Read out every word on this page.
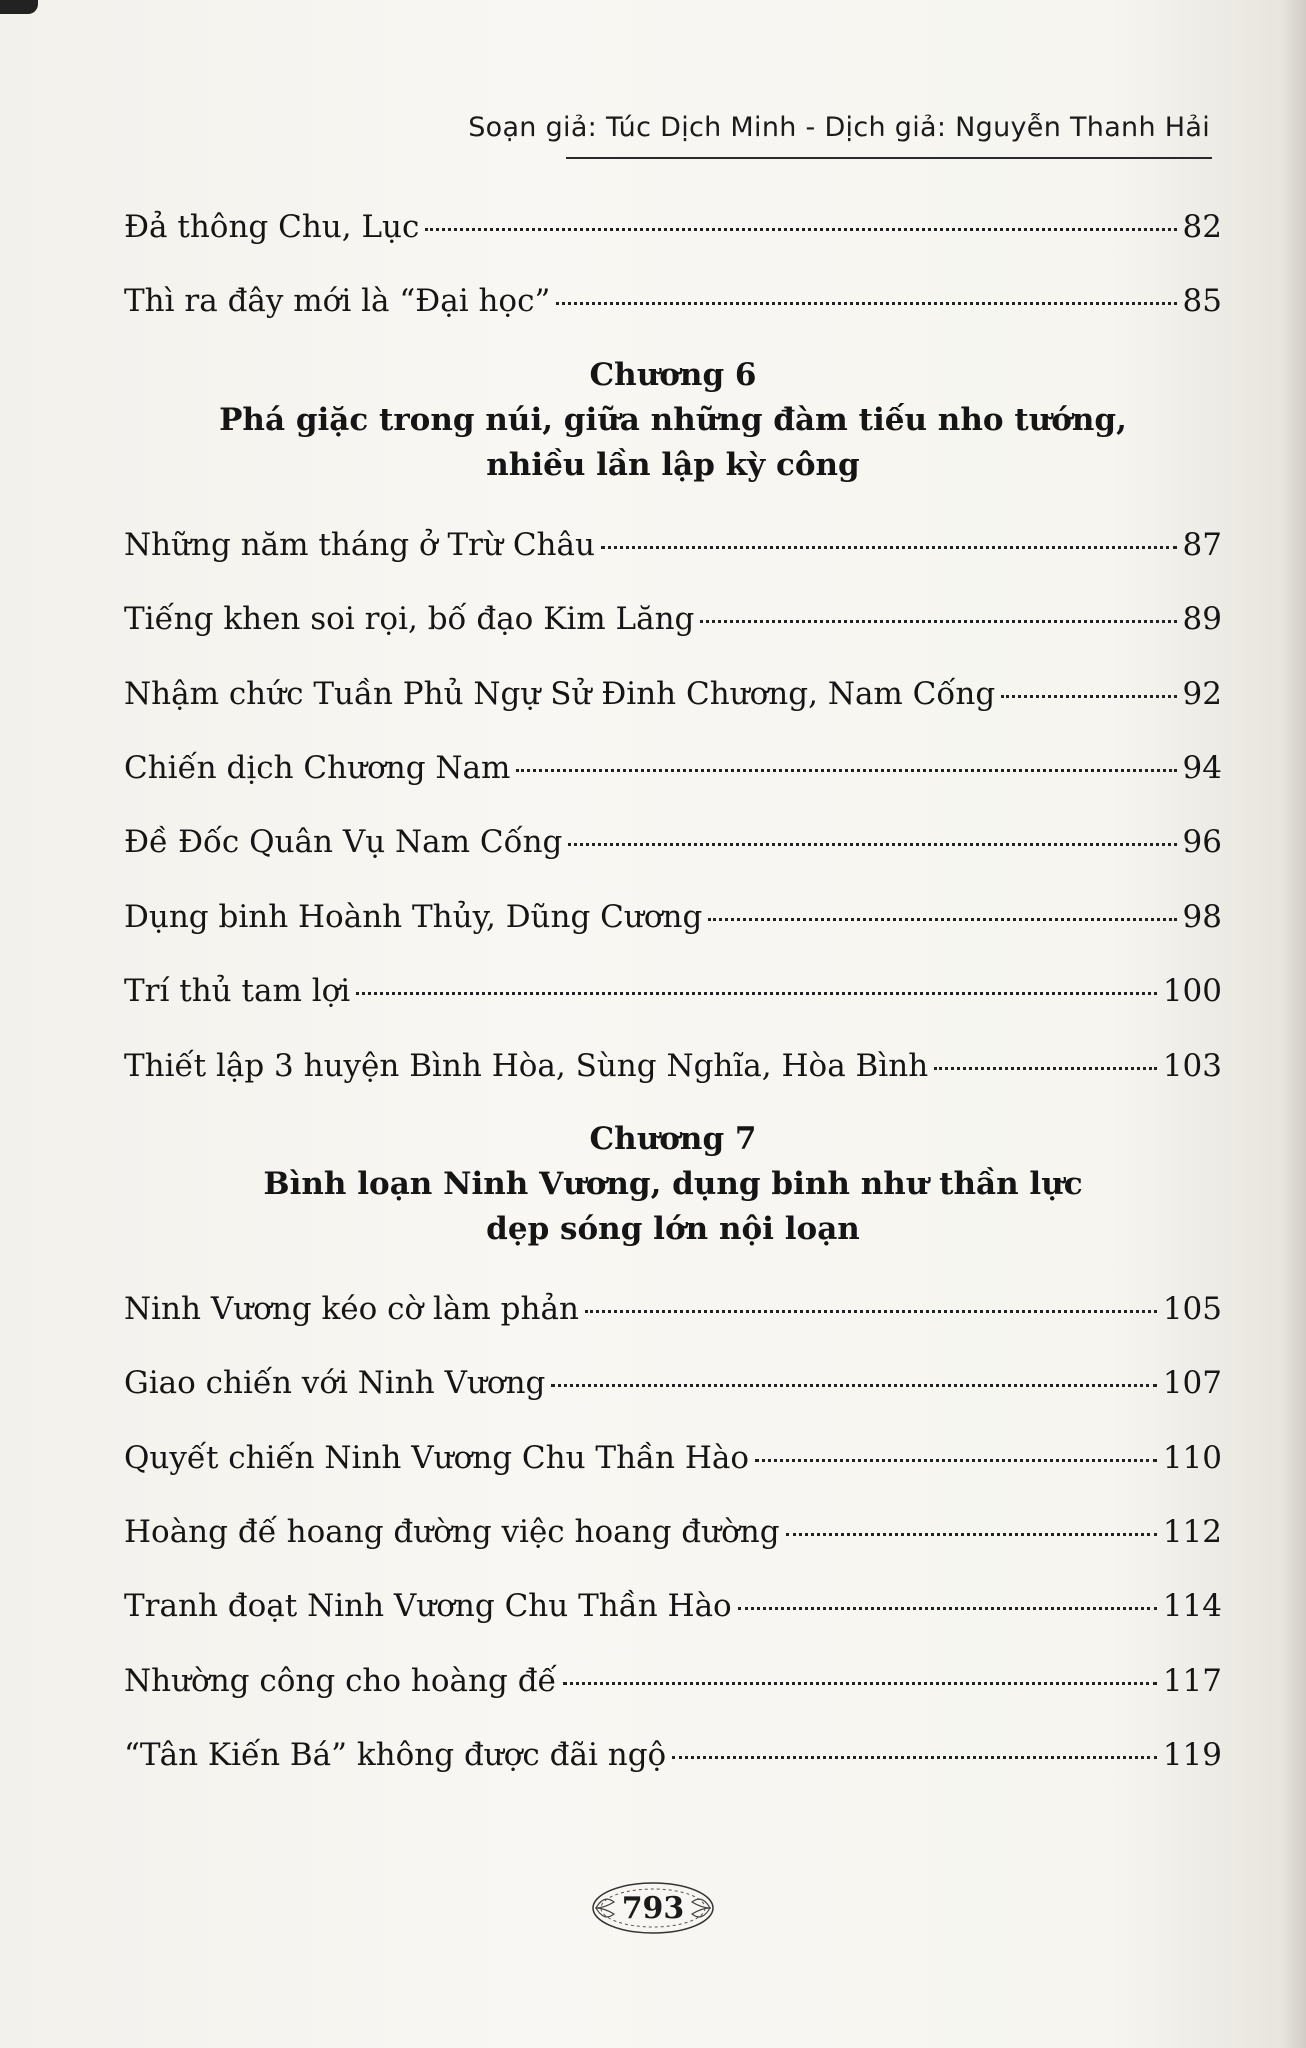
Soạn giả: Túc Dịch Minh - Dịch giả: Nguyễn Thanh Hải
Đả thông Chu, Lục	82
Thì ra đây mới là “Đại học”	85
Chương 6
Phá giặc trong núi, giữa những đàm tiếu nho tướng,
nhiều lần lập kỳ công
Những năm tháng ở Trừ Châu	87
Tiếng khen soi rọi, bố đạo Kim Lăng	89
Nhậm chức Tuần Phủ Ngự Sử Đinh Chương, Nam Cống	92
Chiến dịch Chương Nam	94
Đề Đốc Quân Vụ Nam Cống	96
Dụng binh Hoành Thủy, Dũng Cương	98
Trí thủ tam lợi	100
Thiết lập 3 huyện Bình Hòa, Sùng Nghĩa, Hòa Bình	103
Chương 7
Bình loạn Ninh Vương, dụng binh như thần lực
dẹp sóng lớn nội loạn
Ninh Vương kéo cờ làm phản	105
Giao chiến với Ninh Vương	107
Quyết chiến Ninh Vương Chu Thần Hào	110
Hoàng đế hoang đường việc hoang đường	112
Tranh đoạt Ninh Vương Chu Thần Hào	114
Nhường công cho hoàng đế	117
“Tân Kiến Bá” không được đãi ngộ	119
793
